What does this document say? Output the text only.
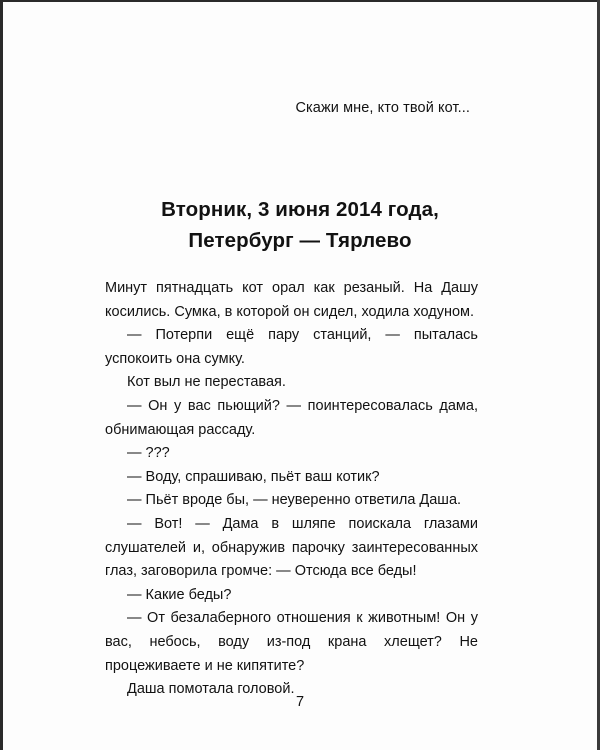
Скажи мне, кто твой кот...
Вторник, 3 июня 2014 года,
Петербург — Тярлево

Минут пятнадцать кот орал как резаный. На Дашу косились. Сумка, в которой он сидел, ходила ходуном.

— Потерпи ещё пару станций, — пыталась успокоить она сумку.

Кот выл не переставая.

— Он у вас пьющий? — поинтересовалась дама, обнимающая рассаду.

— ???

— Воду, спрашиваю, пьёт ваш котик?

— Пьёт вроде бы, — неуверенно ответила Даша.

— Вот! — Дама в шляпе поискала глазами слушателей и, обнаружив парочку заинтересованных глаз, заговорила громче: — Отсюда все беды!

— Какие беды?

— От безалаберного отношения к животным! Он у вас, небось, воду из-под крана хлещет? Не процеживаете и не кипятите?

Даша помотала головой.

7
